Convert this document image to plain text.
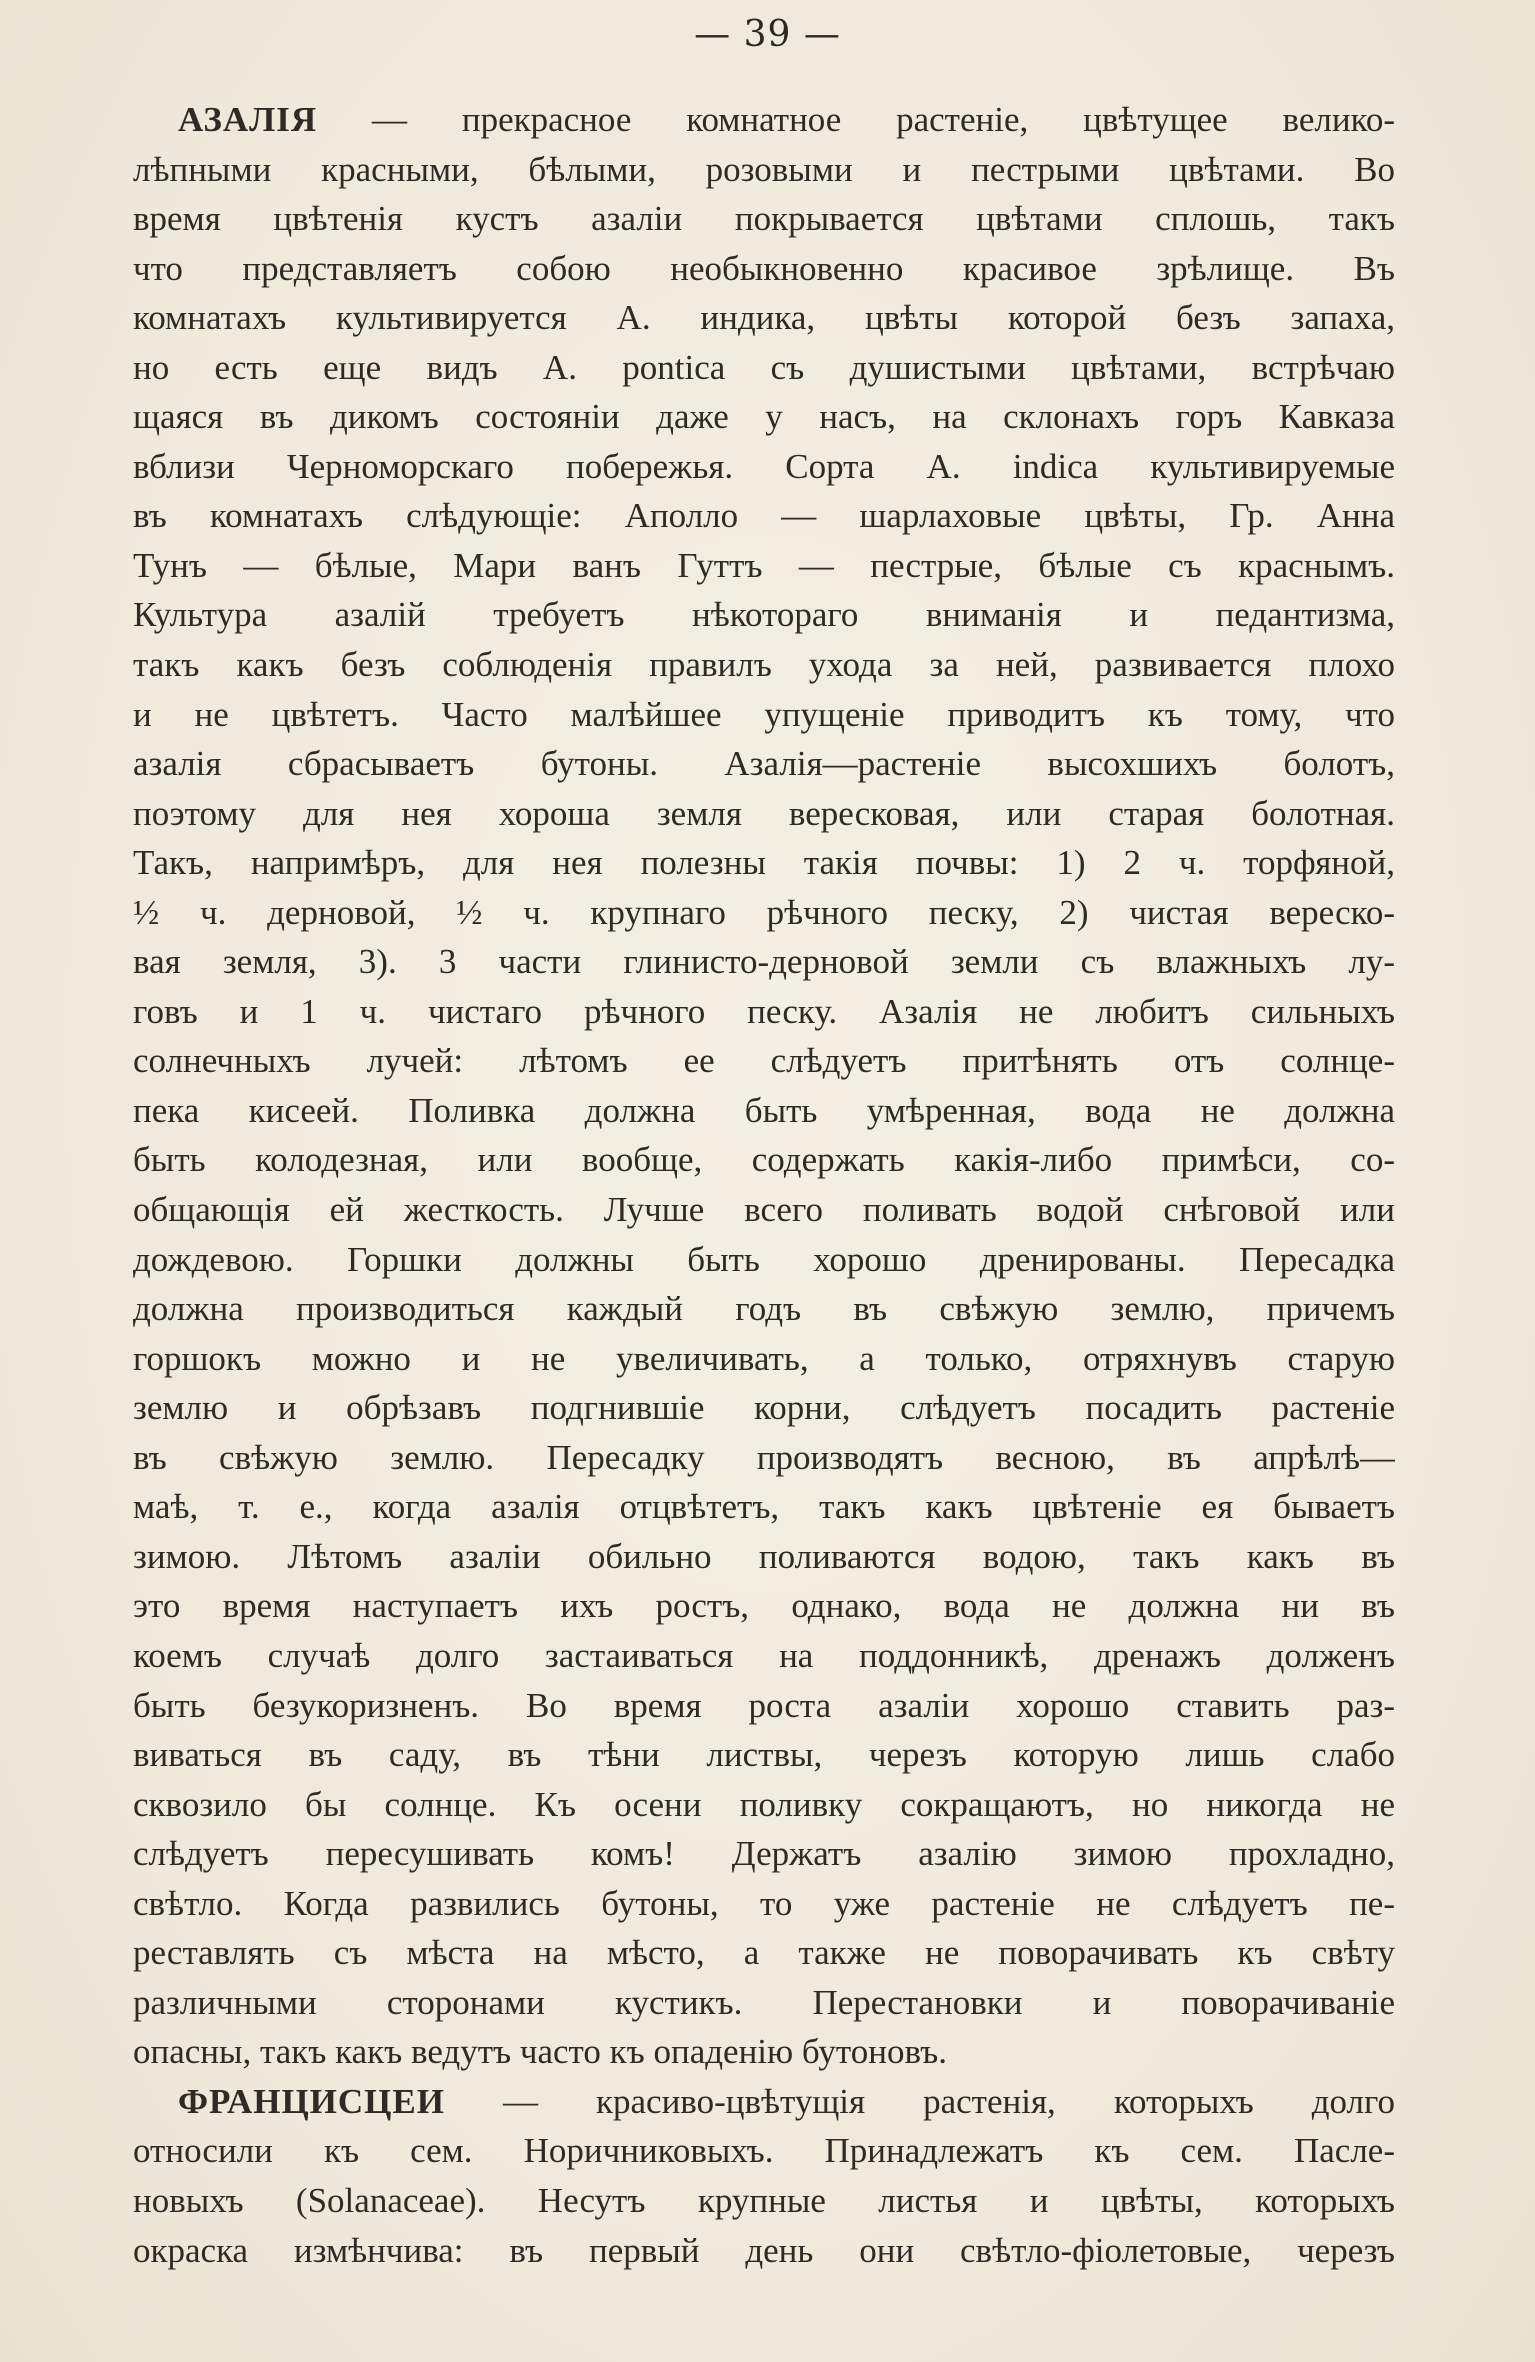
— 39 —
АЗАЛІЯ — прекрасное комнатное растеніе, цвѣтущее велико-
лѣпными красными, бѣлыми, розовыми и пестрыми цвѣтами. Во
время цвѣтенія кустъ азаліи покрывается цвѣтами сплошь, такъ
что представляетъ собою необыкновенно красивое зрѣлище. Въ
комнатахъ культивируется А. индика, цвѣты которой безъ запаха,
но есть еще видъ А. pontica съ душистыми цвѣтами, встрѣчаю
щаяся въ дикомъ состояніи даже у насъ, на склонахъ горъ Кавказа
вблизи Черноморскаго побережья. Сорта А. indica культивируемые
въ комнатахъ слѣдующіе: Аполло — шарлаховые цвѣты, Гр. Анна
Тунъ — бѣлые, Мари ванъ Гуттъ — пестрые, бѣлые съ краснымъ.
Культура азалій требуетъ нѣкотораго вниманія и педантизма,
такъ какъ безъ соблюденія правилъ ухода за ней, развивается плохо
и не цвѣтетъ. Часто малѣйшее упущеніе приводитъ къ тому, что
азалія сбрасываетъ бутоны. Азалія—растеніе высохшихъ болотъ,
поэтому для нея хороша земля вересковая, или старая болотная.
Такъ, напримѣръ, для нея полезны такія почвы: 1) 2 ч. торфяной,
½ ч. дерновой, ½ ч. крупнаго рѣчного песку, 2) чистая вереско-
вая земля, 3). 3 части глинисто-дерновой земли съ влажныхъ лу-
говъ и 1 ч. чистаго рѣчного песку. Азалія не любитъ сильныхъ
солнечныхъ лучей: лѣтомъ ее слѣдуетъ притѣнять отъ солнце-
пека кисеей. Поливка должна быть умѣренная, вода не должна
быть колодезная, или вообще, содержать какія-либо примѣси, со-
общающія ей жесткость. Лучше всего поливать водой снѣговой или
дождевою. Горшки должны быть хорошо дренированы. Пересадка
должна производиться каждый годъ въ свѣжую землю, причемъ
горшокъ можно и не увеличивать, а только, отряхнувъ старую
землю и обрѣзавъ подгнившіе корни, слѣдуетъ посадить растеніе
въ свѣжую землю. Пересадку производятъ весною, въ апрѣлѣ—
маѣ, т. е., когда азалія отцвѣтетъ, такъ какъ цвѣтеніе ея бываетъ
зимою. Лѣтомъ азаліи обильно поливаются водою, такъ какъ въ
это время наступаетъ ихъ ростъ, однако, вода не должна ни въ
коемъ случаѣ долго застаиваться на поддонникѣ, дренажъ долженъ
быть безукоризненъ. Во время роста азаліи хорошо ставить раз-
виваться въ саду, въ тѣни листвы, черезъ которую лишь слабо
сквозило бы солнце. Къ осени поливку сокращаютъ, но никогда не
слѣдуетъ пересушивать комъ! Держатъ азалію зимою прохладно,
свѣтло. Когда развились бутоны, то уже растеніе не слѣдуетъ пе-
реставлять съ мѣста на мѣсто, а также не поворачивать къ свѣту
различными сторонами кустикъ. Перестановки и поворачиваніе
опасны, такъ какъ ведутъ часто къ опаденію бутоновъ.
ФРАНЦИСЦЕИ — красиво-цвѣтущія растенія, которыхъ долго
относили къ сем. Норичниковыхъ. Принадлежатъ къ сем. Пасле-
новыхъ (Solanaceae). Несутъ крупные листья и цвѣты, которыхъ
окраска измѣнчива: въ первый день они свѣтло-фіолетовые, черезъ
